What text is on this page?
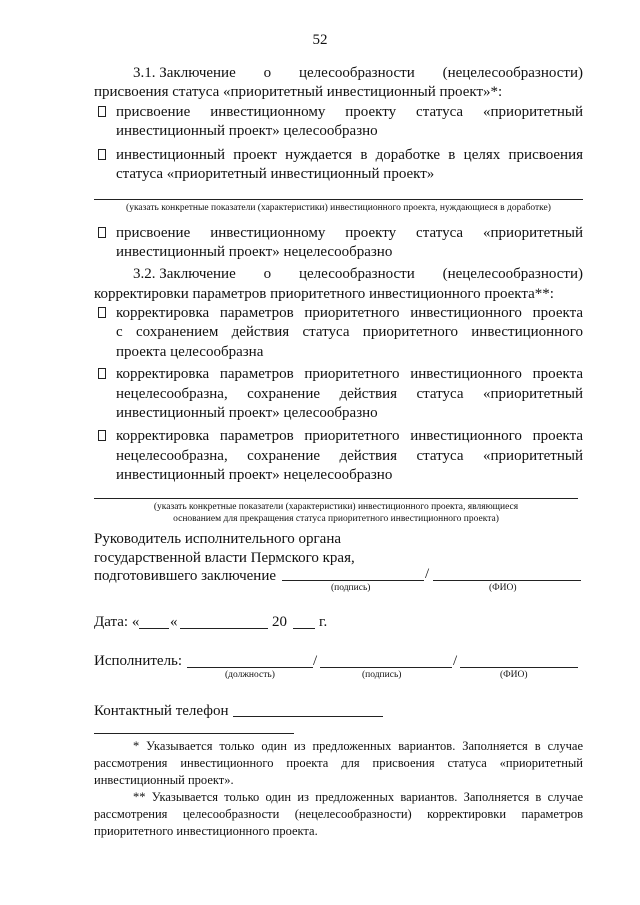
52
3.1. Заключение о целесообразности (нецелесообразности)
присвоения статуса «приоритетный инвестиционный проект»*:
присвоение инвестиционному проекту статуса «приоритетный
инвестиционный проект» целесообразно
инвестиционный проект нуждается в доработке в целях присвоения
статуса «приоритетный инвестиционный проект»
(указать конкретные показатели (характеристики) инвестиционного проекта, нуждающиеся в доработке)
присвоение инвестиционному проекту статуса «приоритетный
инвестиционный проект» нецелесообразно
3.2. Заключение о целесообразности (нецелесообразности)
корректировки параметров приоритетного инвестиционного проекта**:
корректировка параметров приоритетного инвестиционного проекта
с сохранением действия статуса приоритетного инвестиционного
проекта целесообразна
корректировка параметров приоритетного инвестиционного проекта
нецелесообразна, сохранение действия статуса «приоритетный
инвестиционный проект» целесообразно
корректировка параметров приоритетного инвестиционного проекта
нецелесообразна, сохранение действия статуса «приоритетный
инвестиционный проект» нецелесообразно
(указать конкретные показатели (характеристики) инвестиционного проекта, являющиеся
основанием для прекращения статуса приоритетного инвестиционного проекта)
Руководитель исполнительного органа
государственной власти Пермского края,
подготовившего заключение	/
(подпись)	(ФИО)
Дата: « «	20 г.
Исполнитель:	/	/
(должность)	(подпись)	(ФИО)
Контактный телефон
* Указывается только один из предложенных вариантов. Заполняется в случае
рассмотрения инвестиционного проекта для присвоения статуса «приоритетный
инвестиционный проект».
** Указывается только один из предложенных вариантов. Заполняется в случае
рассмотрения целесообразности (нецелесообразности) корректировки параметров
приоритетного инвестиционного проекта.
